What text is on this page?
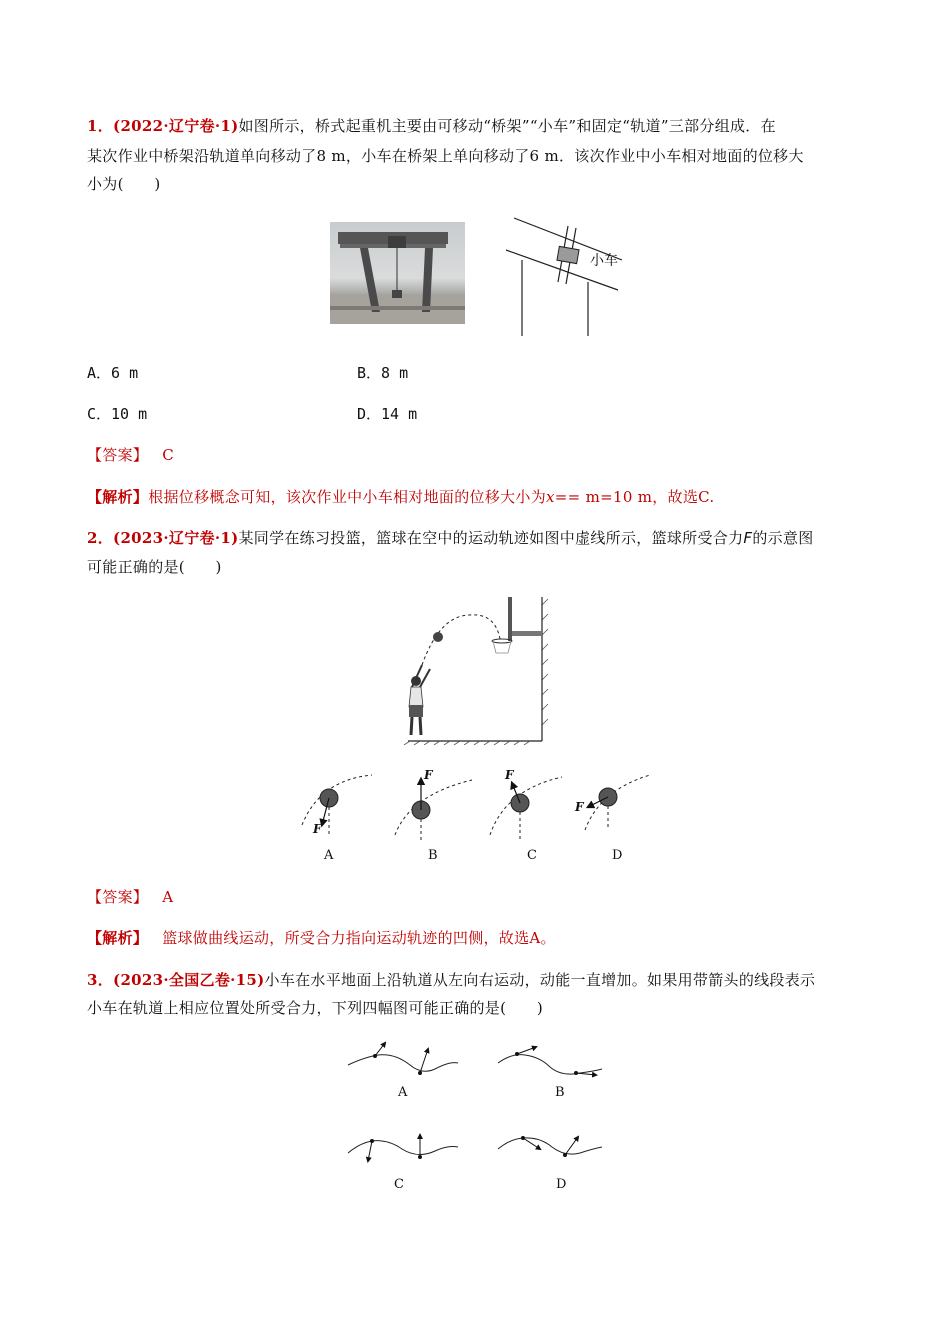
1．(2022·辽宁卷·1)如图所示，桥式起重机主要由可移动“桥架”“小车”和固定“轨道”三部分组成．在
某次作业中桥架沿轨道单向移动了8 m，小车在桥架上单向移动了6 m．该次作业中小车相对地面的位移大
小为(　　)
小车
A．6 m	B．8 m
C．10 m	D．14 m
【答案】 C
【解析】根据位移概念可知，该次作业中小车相对地面的位移大小为x== m=10 m，故选C.
2．(2023·辽宁卷·1)某同学在练习投篮，篮球在空中的运动轨迹如图中虚线所示，篮球所受合力F的示意图
可能正确的是(　　)
F
F	F
F
A	B	C	D
【答案】 A
【解析】 篮球做曲线运动，所受合力指向运动轨迹的凹侧，故选A。
3．(2023·全国乙卷·15)小车在水平地面上沿轨道从左向右运动，动能一直增加。如果用带箭头的线段表示
小车在轨道上相应位置处所受合力，下列四幅图可能正确的是(　　)
A	B
C	D
